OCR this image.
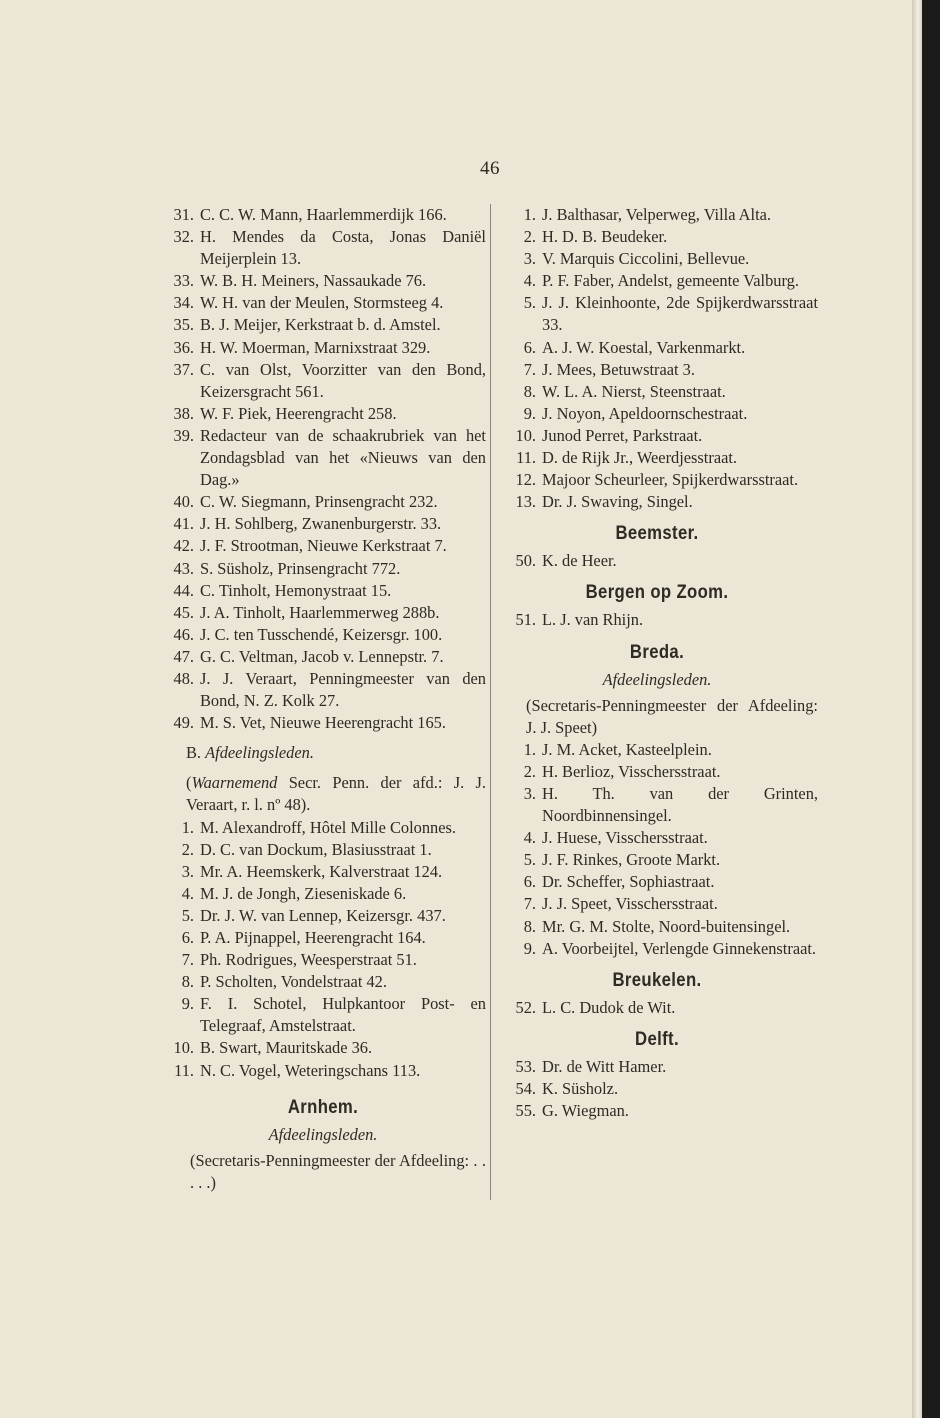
46
31. C. C. W. Mann, Haarlemmerdijk 166.
32. H. Mendes da Costa, Jonas Daniël Meijerplein 13.
33. W. B. H. Meiners, Nassaukade 76.
34. W. H. van der Meulen, Stormsteeg 4.
35. B. J. Meijer, Kerkstraat b. d. Amstel.
36. H. W. Moerman, Marnixstraat 329.
37. C. van Olst, Voorzitter van den Bond, Keizersgracht 561.
38. W. F. Piek, Heerengracht 258.
39. Redacteur van de schaakrubriek van het Zondagsblad van het «Nieuws van den Dag.»
40. C. W. Siegmann, Prinsengracht 232.
41. J. H. Sohlberg, Zwanenburgerstr. 33.
42. J. F. Strootman, Nieuwe Kerkstraat 7.
43. S. Süsholz, Prinsengracht 772.
44. C. Tinholt, Hemonystraat 15.
45. J. A. Tinholt, Haarlemmerweg 288b.
46. J. C. ten Tusschendé, Keizersgr. 100.
47. G. C. Veltman, Jacob v. Lennepstr. 7.
48. J. J. Veraart, Penningmeester van den Bond, N. Z. Kolk 27.
49. M. S. Vet, Nieuwe Heerengracht 165.
B. Afdeelingsleden.
(Waarnemend Secr. Penn. der afd.: J. J. Veraart, r. l. nº 48).
1. M. Alexandroff, Hôtel Mille Colonnes.
2. D. C. van Dockum, Blasiusstraat 1.
3. Mr. A. Heemskerk, Kalverstraat 124.
4. M. J. de Jongh, Zieseniskade 6.
5. Dr. J. W. van Lennep, Keizersgr. 437.
6. P. A. Pijnappel, Heerengracht 164.
7. Ph. Rodrigues, Weesperstraat 51.
8. P. Scholten, Vondelstraat 42.
9. F. I. Schotel, Hulpkantoor Post- en Telegraaf, Amstelstraat.
10. B. Swart, Mauritskade 36.
11. N. C. Vogel, Weteringschans 113.
Arnhem.
Afdeelingsleden.
(Secretaris-Penningmeester der Afdeeling: . . . . .)
1. J. Balthasar, Velperweg, Villa Alta.
2. H. D. B. Beudeker.
3. V. Marquis Ciccolini, Bellevue.
4. P. F. Faber, Andelst, gemeente Valburg.
5. J. J. Kleinhoonte, 2de Spijkerdwarsstraat 33.
6. A. J. W. Koestal, Varkenmarkt.
7. J. Mees, Betuwstraat 3.
8. W. L. A. Nierst, Steenstraat.
9. J. Noyon, Apeldoornschestraat.
10. Junod Perret, Parkstraat.
11. D. de Rijk Jr., Weerdjesstraat.
12. Majoor Scheurleer, Spijkerdwarsstraat.
13. Dr. J. Swaving, Singel.
Beemster.
50. K. de Heer.
Bergen op Zoom.
51. L. J. van Rhijn.
Breda.
Afdeelingsleden.
(Secretaris-Penningmeester der Afdeeling: J. J. Speet)
1. J. M. Acket, Kasteelplein.
2. H. Berlioz, Visschersstraat.
3. H. Th. van der Grinten, Noordbinnensingel.
4. J. Huese, Visschersstraat.
5. J. F. Rinkes, Groote Markt.
6. Dr. Scheffer, Sophiastraat.
7. J. J. Speet, Visschersstraat.
8. Mr. G. M. Stolte, Noord-buitensingel.
9. A. Voorbeijtel, Verlengde Ginnekenstraat.
Breukelen.
52. L. C. Dudok de Wit.
Delft.
53. Dr. de Witt Hamer.
54. K. Süsholz.
55. G. Wiegman.
